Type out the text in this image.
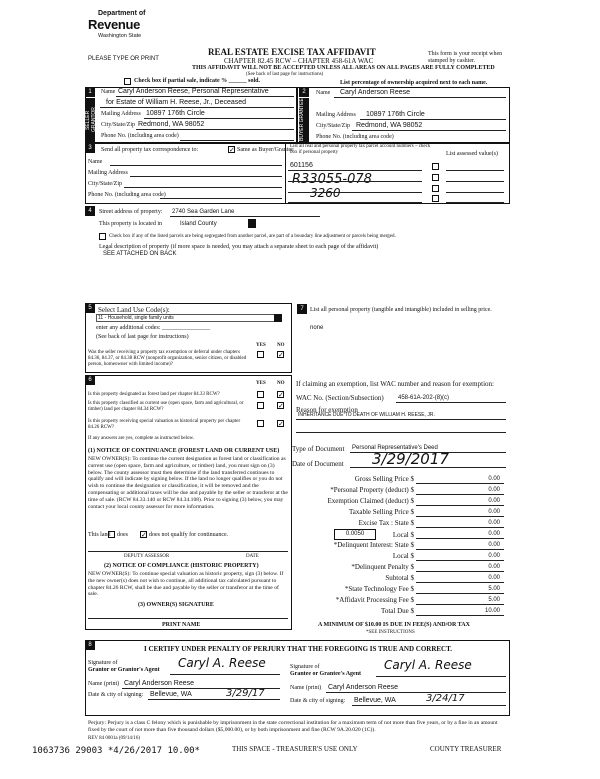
Department of
Revenue
Washington State
PLEASE TYPE OR PRINT
REAL ESTATE EXCISE TAX AFFIDAVIT
CHAPTER 82.45 RCW – CHAPTER 458-61A WAC
THIS AFFIDAVIT WILL NOT BE ACCEPTED UNLESS ALL AREAS ON ALL PAGES ARE FULLY COMPLETED
(See back of last page for instructions)
This form is your receipt when stamped by cashier.
Check box if partial sale, indicate % ______ sold.	List percentage of ownership acquired next to each name.
SELLER GRANTOR
1	Name Caryl Anderson Reese, Personal Representative
for Estate of William H. Reese, Jr., Deceased
Mailing Address 10897 176th Circle
City/State/Zip Redmond, WA 98052
Phone No. (including area code)	BUYER GRANTEE
2	Name Caryl Anderson Reese
Mailing Address 10897 176th Circle
City/State/Zip Redmond, WA 98052
Phone No. (including area code)
3	Send all property tax correspondence to:	✓ Same as Buyer/Grantee
Name
Mailing Address
City/State/Zip
Phone No. (including area code)
List all real and personal property tax parcel account numbers – check box if personal property	List assessed value(s)
601156
R33055-078
3260
4	Street address of property: 2740 Sea Garden Lane
This property is located in	Island County
Check box if any of the listed parcels are being segregated from another parcel, are part of a boundary line adjustment or parcels being merged.
Legal description of property (if more space is needed, you may attach a separate sheet to each page of the affidavit)
SEE ATTACHED ON BACK
5 Select Land Use Code(s):
11 - Household, single family units
enter any additional codes: ________________
(See back of last page for instructions)
YES NO
Was the seller receiving a property tax exemption or deferral under chapters 84.36, 84.37, or 84.38 RCW (nonprofit organization, senior citizen, or disabled person, homeowner with limited income)?
✓
6
YES NO
Is this property designated as forest land per chapter 84.33 RCW?	✓
Is this property classified as current use (open space, farm and agricultural, or timber) land per chapter 84.34 RCW?	✓
Is this property receiving special valuation as historical property per chapter 84.26 RCW?	✓
If any answers are yes, complete as instructed below.
(1) NOTICE OF CONTINUANCE (FOREST LAND OR CURRENT USE)
NEW OWNER(S): To continue the current designation as forest land or classification as current use (open space, farm and agriculture, or timber) land, you must sign on (3) below. The county assessor must then determine if the land transferred continues to qualify and will indicate by signing below. If the land no longer qualifies or you do not wish to continue the designation or classification, it will be removed and the compensating or additional taxes will be due and payable by the seller or transferor at the time of sale. (RCW 84.33.140 or RCW 84.34.108). Prior to signing (3) below, you may contact your local county assessor for more information.
This land does ✓ does not qualify for continuance.
DEPUTY ASSESSOR	DATE
(2) NOTICE OF COMPLIANCE (HISTORIC PROPERTY)
NEW OWNER(S): To continue special valuation as historic property, sign (3) below. If the new owner(s) does not wish to continue, all additional tax calculated pursuant to chapter 84.26 RCW, shall be due and payable by the seller or transferor at the time of sale.
(3) OWNER(S) SIGNATURE
PRINT NAME
7	List all personal property (tangible and intangible) included in selling price.
none
If claiming an exemption, list WAC number and reason for exemption:
WAC No. (Section/Subsection) 458-61A-202-(8)(c)
Reason for exemption
INHERITANCE DUE TO DEATH OF WILLIAM H. REESE, JR.
Type of Document Personal Representative's Deed
Date of Document 3/29/2017
Gross Selling Price $	0.00
*Personal Property (deduct) $	0.00
Exemption Claimed (deduct) $	0.00
Taxable Selling Price $	0.00
Excise Tax : State $	0.00
0.0050	Local $	0.00
*Delinquent Interest: State $	0.00
Local $	0.00
*Delinquent Penalty $	0.00
Subtotal $	0.00
*State Technology Fee $	5.00
*Affidavit Processing Fee $	5.00
Total Due $	10.00
A MINIMUM OF $10.00 IS DUE IN FEE(S) AND/OR TAX
*SEE INSTRUCTIONS
8	I CERTIFY UNDER PENALTY OF PERJURY THAT THE FOREGOING IS TRUE AND CORRECT.
Signature of
Grantor or Grantor's Agent Caryl A. Reese
Name (print) Caryl Anderson Reese
Date & city of signing: Bellevue, WA	3/29/17
Signature of
Grantee or Grantee's Agent
Caryl A. Reese
Name (print) Caryl Anderson Reese
Date & city of signing: Bellevue, WA	3/24/17
Perjury: Perjury is a class C felony which is punishable by imprisonment in the state correctional institution for a maximum term of not more than five years, or by a fine in an amount fixed by the court of not more than five thousand dollars ($5,000.00), or by both imprisonment and fine (RCW 9A.20.020 (1C)).
REV 84 0001a (09/14/16)
1063736 29003 *4/26/2017 10.00*	THIS SPACE - TREASURER'S USE ONLY	COUNTY TREASURER
